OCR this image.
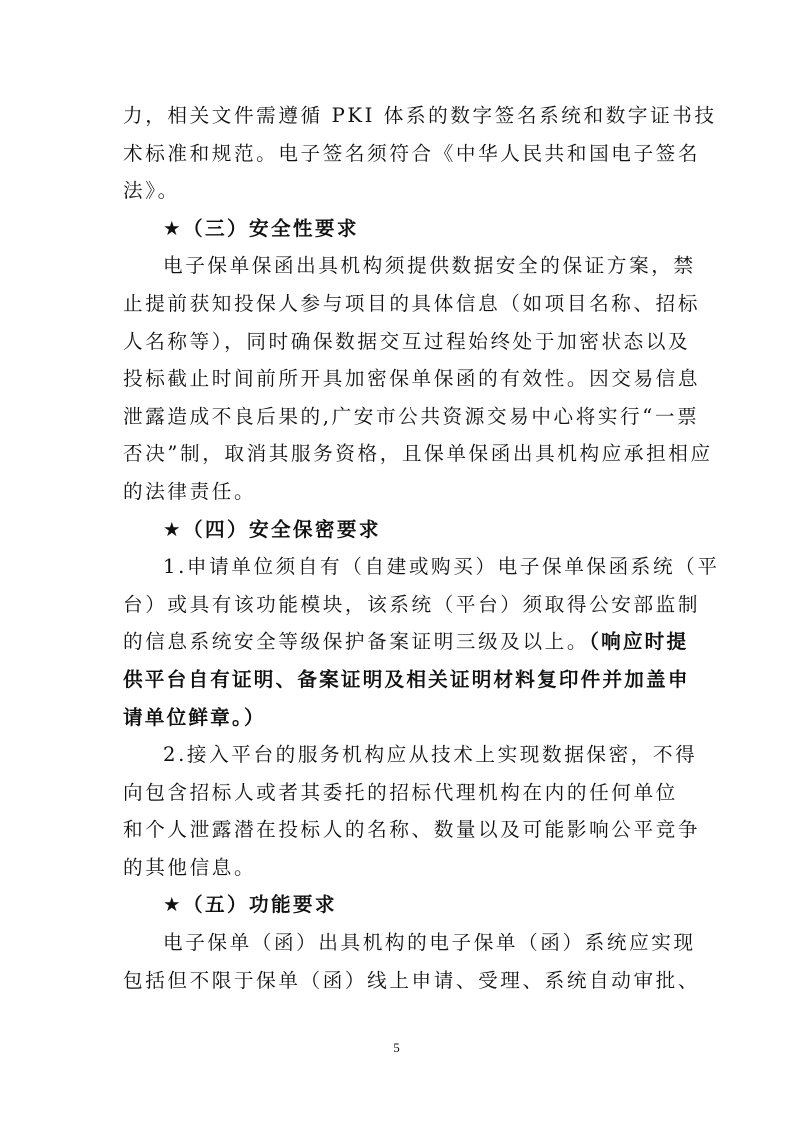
力，相关文件需遵循 PKI 体系的数字签名系统和数字证书技
术标准和规范。电子签名须符合《中华人民共和国电子签名
法》。
★（三）安全性要求
电子保单保函出具机构须提供数据安全的保证方案，禁
止提前获知投保人参与项目的具体信息（如项目名称、招标
人名称等），同时确保数据交互过程始终处于加密状态以及
投标截止时间前所开具加密保单保函的有效性。因交易信息
泄露造成不良后果的,广安市公共资源交易中心将实行“一票
否决”制，取消其服务资格，且保单保函出具机构应承担相应
的法律责任。
★（四）安全保密要求
1.申请单位须自有（自建或购买）电子保单保函系统（平
台）或具有该功能模块，该系统（平台）须取得公安部监制
的信息系统安全等级保护备案证明三级及以上。（响应时提
供平台自有证明、备案证明及相关证明材料复印件并加盖申
请单位鲜章。）
2.接入平台的服务机构应从技术上实现数据保密，不得
向包含招标人或者其委托的招标代理机构在内的任何单位
和个人泄露潜在投标人的名称、数量以及可能影响公平竞争
的其他信息。
★（五）功能要求
电子保单（函）出具机构的电子保单（函）系统应实现
包括但不限于保单（函）线上申请、受理、系统自动审批、
5
